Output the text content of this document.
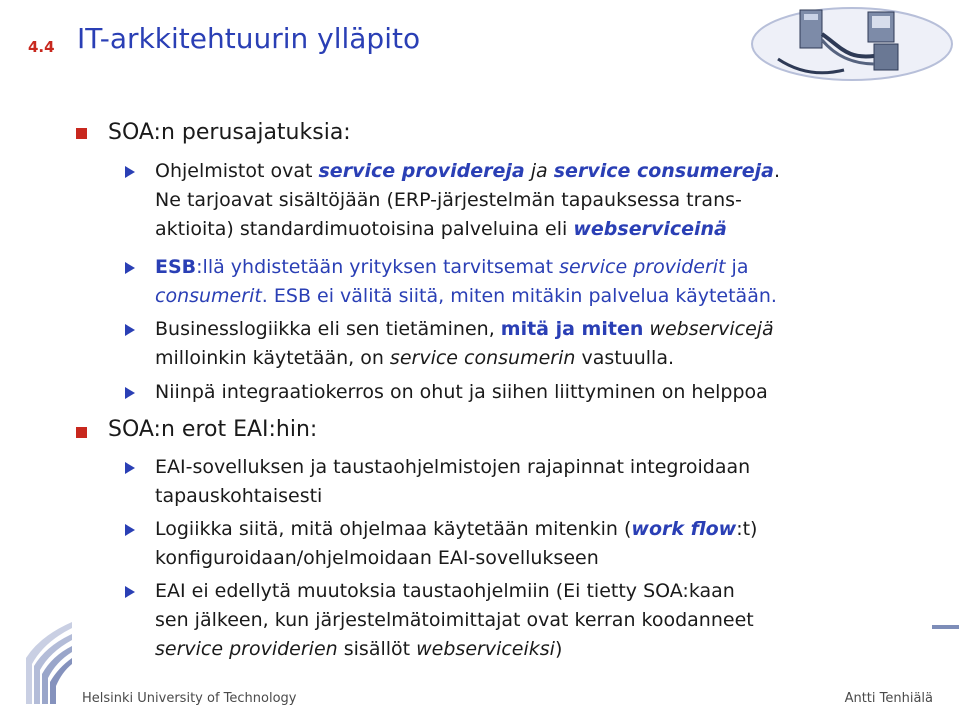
4.4 IT-arkkitehtuurin ylläpito
SOA:n perusajatuksia:
Ohjelmistot ovat service providereja ja service consumereja.
Ne tarjoavat sisältöjään (ERP-järjestelmän tapauksessa trans-
aktioita) standardimuotoisina palveluina eli webserviceinä
ESB:llä yhdistetään yrityksen tarvitsemat service providerit ja
consumerit. ESB ei välitä siitä, miten mitäkin palvelua käytetään.
Businesslogiikka eli sen tietäminen, mitä ja miten webservicejä
milloinkin käytetään, on service consumerin vastuulla.
Niinpä integraatiokerros on ohut ja siihen liittyminen on helppoa
SOA:n erot EAI:hin:
EAI-sovelluksen ja taustaohjelmistojen rajapinnat integroidaan
tapauskohtaisesti
Logiikka siitä, mitä ohjelmaa käytetään mitenkin (work flow:t)
konfiguroidaan/ohjelmoidaan EAI-sovellukseen
EAI ei edellytä muutoksia taustaohjelmiin (Ei tietty SOA:kaan
sen jälkeen, kun järjestelmätoimittajat ovat kerran koodanneet
service providerien sisällöt webserviceiksi)
Helsinki University of Technology	Antti Tenhiälä
